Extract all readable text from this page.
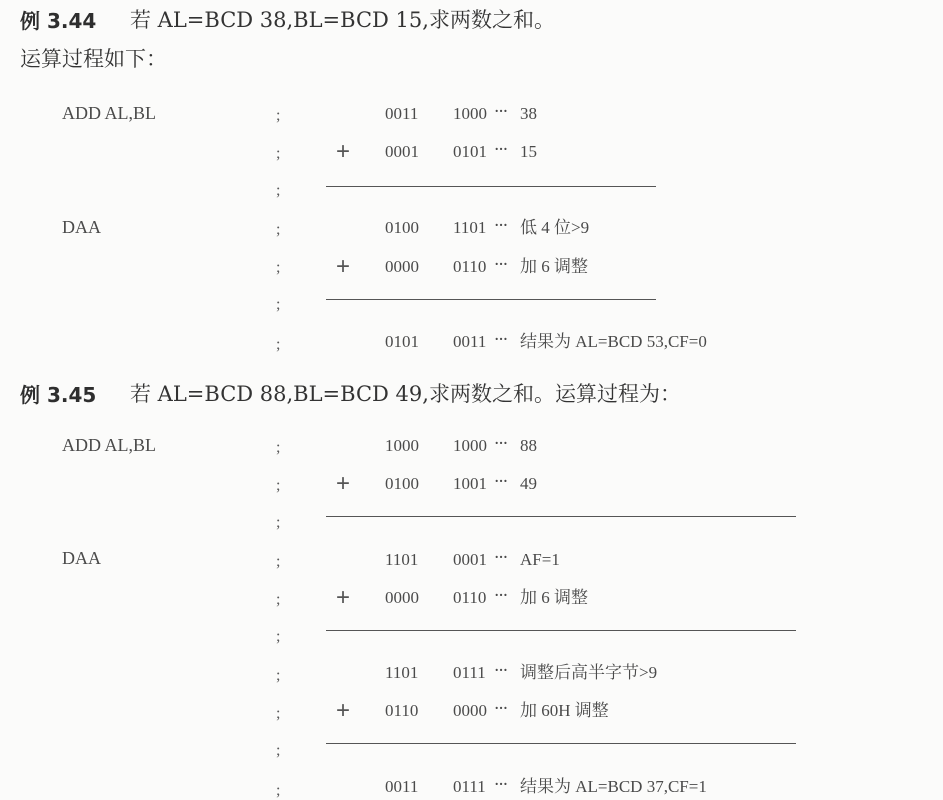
例 3.44 若 AL=BCD 38,BL=BCD 15,求两数之和。
运算过程如下：
ADD AL,BL
DAA
;
;
;
;
;
;
;
0011 1000 ··· 38
+ 0001 0101 ··· 15
0100 1101 ··· 低 4 位>9
+ 0000 0110 ··· 加 6 调整
0101 0011 ··· 结果为 AL=BCD 53,CF=0
例 3.45 若 AL=BCD 88,BL=BCD 49,求两数之和。运算过程为：
ADD AL,BL
DAA
;
;
;
;
;
;
;
;
;
;
1000 1000 ··· 88
+ 0100 1001 ··· 49
1101 0001 ··· AF=1
+ 0000 0110 ··· 加 6 调整
1101 0111 ··· 调整后高半字节>9
+ 0110 0000 ··· 加 60H 调整
0011 0111 ··· 结果为 AL=BCD 37,CF=1
